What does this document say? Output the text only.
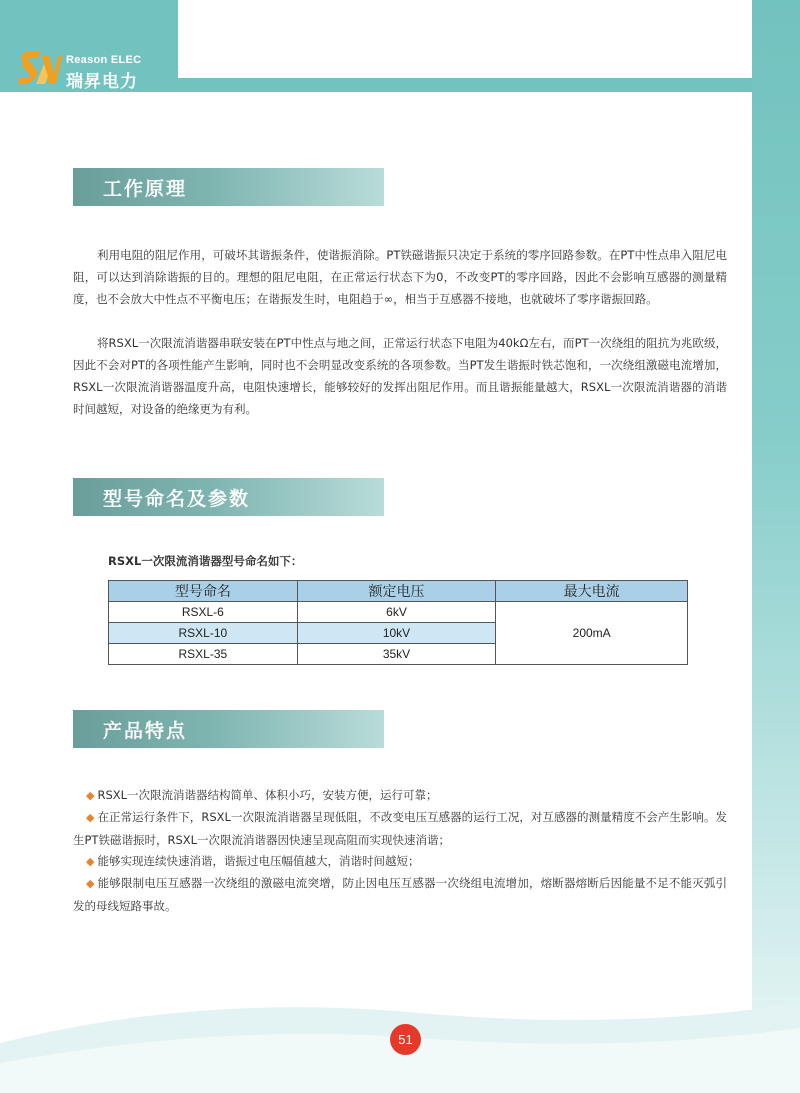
Reason ELEC
瑞昇电力
工作原理

利用电阻的阻尼作用，可破坏其谐振条件，使谐振消除。PT铁磁谐振只决定于系统的零序回路参数。在PT中性点串入阻尼电阻，可以达到消除谐振的目的。理想的阻尼电阻，在正常运行状态下为0，不改变PT的零序回路，因此不会影响互感器的测量精度，也不会放大中性点不平衡电压；在谐振发生时，电阻趋于∞，相当于互感器不接地，也就破坏了零序谐振回路。

将RSXL一次限流消谐器串联安装在PT中性点与地之间，正常运行状态下电阻为40kΩ左右，而PT一次绕组的阻抗为兆欧级，因此不会对PT的各项性能产生影响，同时也不会明显改变系统的各项参数。当PT发生谐振时铁芯饱和，一次绕组激磁电流增加，RSXL一次限流消谐器温度升高，电阻快速增长，能够较好的发挥出阻尼作用。而且谐振能量越大，RSXL一次限流消谐器的消谐时间越短，对设备的绝缘更为有利。

型号命名及参数
RSXL一次限流消谐器型号命名如下：
型号命名	额定电压	最大电流
RSXL-6	6kV	200mA
RSXL-10	10kV	
RSXL-35	35kV	
产品特点

◆ RSXL一次限流消谐器结构简单、体积小巧，安装方便，运行可靠；

◆ 在正常运行条件下，RSXL一次限流消谐器呈现低阻，不改变电压互感器的运行工况，对互感器的测量精度不会产生影响。发生PT铁磁谐振时，RSXL一次限流消谐器因快速呈现高阻而实现快速消谐；

◆ 能够实现连续快速消谐，谐振过电压幅值越大，消谐时间越短；

◆ 能够限制电压互感器一次绕组的激磁电流突增，防止因电压互感器一次绕组电流增加，熔断器熔断后因能量不足不能灭弧引发的母线短路事故。

51
